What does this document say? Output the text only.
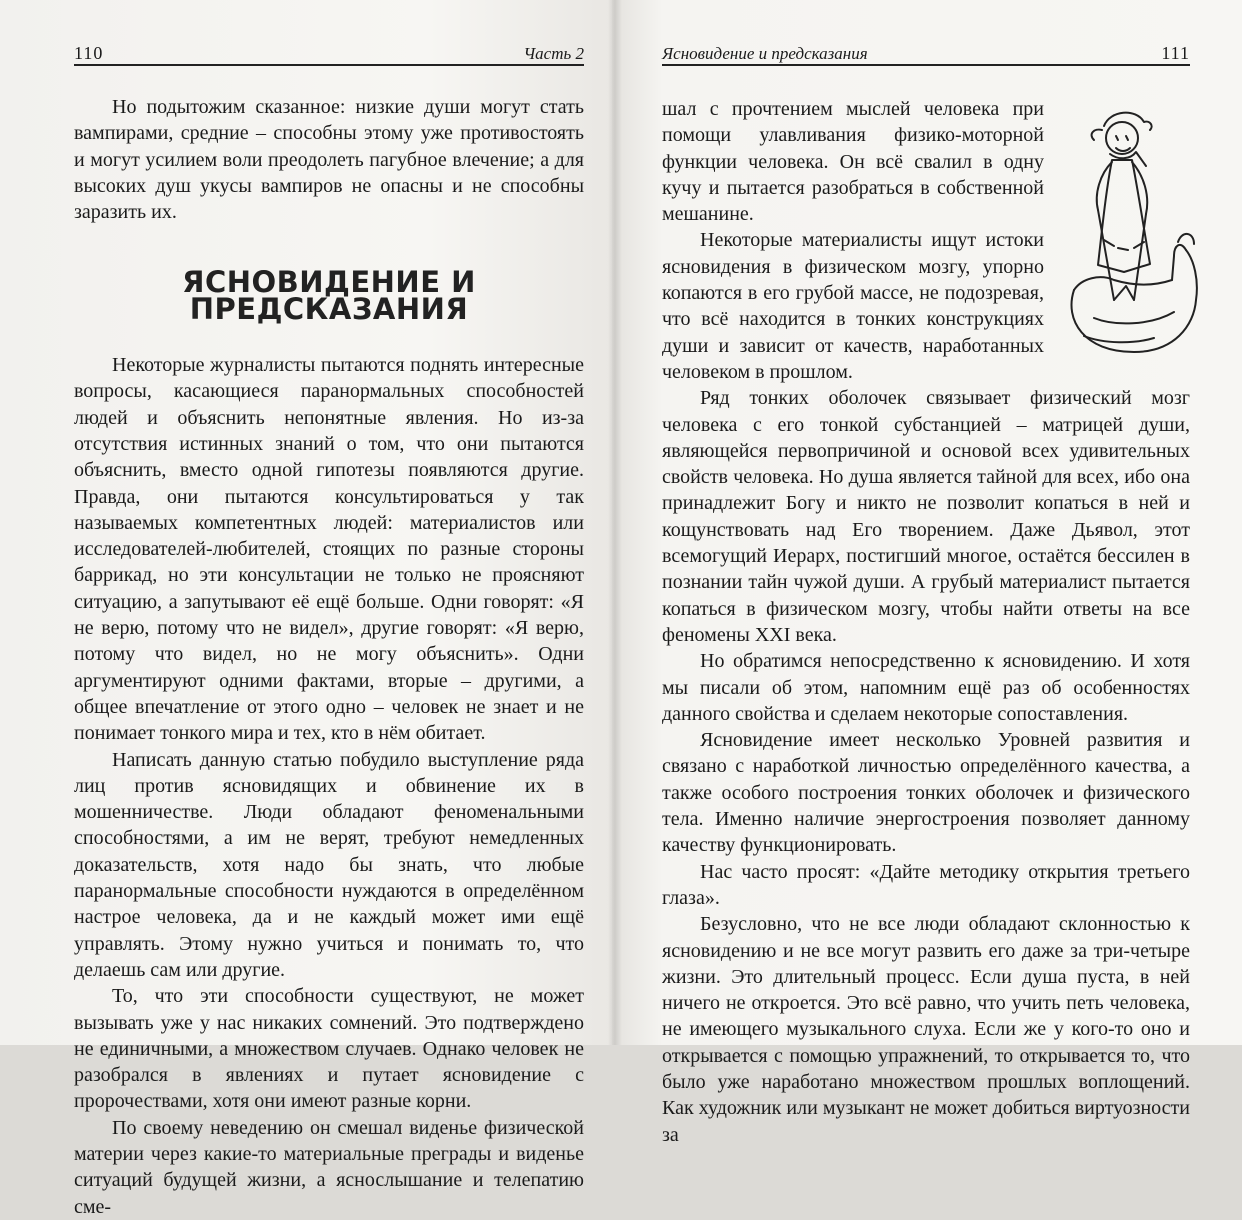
110	Часть 2

Но подытожим сказанное: низкие души могут стать вампирами, средние – способны этому уже противостоять и могут усилием воли преодолеть пагубное влечение; а для высоких душ укусы вампиров не опасны и не способны заразить их.

ЯСНОВИДЕНИЕ И ПРЕДСКАЗАНИЯ

Некоторые журналисты пытаются поднять интересные вопросы, касающиеся паранормальных способностей людей и объяснить непонятные явления. Но из-за отсутствия истинных знаний о том, что они пытаются объяснить, вместо одной гипотезы появляются другие. Правда, они пытаются консультироваться у так называемых компетентных людей: материалистов или исследователей-любителей, стоящих по разные стороны баррикад, но эти консультации не только не проясняют ситуацию, а запутывают её ещё больше. Одни говорят: «Я не верю, потому что не видел», другие говорят: «Я верю, потому что видел, но не могу объяснить». Одни аргументируют одними фактами, вторые – другими, а общее впечатление от этого одно – человек не знает и не понимает тонкого мира и тех, кто в нём обитает.

Написать данную статью побудило выступление ряда лиц против ясновидящих и обвинение их в мошенничестве. Люди обладают феноменальными способностями, а им не верят, требуют немедленных доказательств, хотя надо бы знать, что любые паранормальные способности нуждаются в определённом настрое человека, да и не каждый может ими ещё управлять. Этому нужно учиться и понимать то, что делаешь сам или другие.

То, что эти способности существуют, не может вызывать уже у нас никаких сомнений. Это подтверждено не единичными, а множеством случаев. Однако человек не разобрался в явлениях и путает ясновидение с пророчествами, хотя они имеют разные корни.

По своему неведению он смешал виденье физической материи через какие-то материальные преграды и виденье ситуаций будущей жизни, а яснослышание и телепатию сме-

Ясновидение и предсказания	111

шал с прочтением мыслей человека при помощи улавливания физико-моторной функции человека. Он всё свалил в одну кучу и пытается разобраться в собственной мешанине.

Некоторые материалисты ищут истоки ясновидения в физическом мозгу, упорно копаются в его грубой массе, не подозревая, что всё находится в тонких конструкциях души и зависит от качеств, наработанных человеком в прошлом.

Ряд тонких оболочек связывает физический мозг человека с его тонкой субстанцией – матрицей души, являющейся первопричиной и основой всех удивительных свойств человека. Но душа является тайной для всех, ибо она принадлежит Богу и никто не позволит копаться в ней и кощунствовать над Его творением. Даже Дьявол, этот всемогущий Иерарх, постигший многое, остаётся бессилен в познании тайн чужой души. А грубый материалист пытается копаться в физическом мозгу, чтобы найти ответы на все феномены XXI века.

Но обратимся непосредственно к ясновидению. И хотя мы писали об этом, напомним ещё раз об особенностях данного свойства и сделаем некоторые сопоставления.

Ясновидение имеет несколько Уровней развития и связано с наработкой личностью определённого качества, а также особого построения тонких оболочек и физического тела. Именно наличие энергостроения позволяет данному качеству функционировать.

Нас часто просят: «Дайте методику открытия третьего глаза».

Безусловно, что не все люди обладают склонностью к ясновидению и не все могут развить его даже за три-четыре жизни. Это длительный процесс. Если душа пуста, в ней ничего не откроется. Это всё равно, что учить петь человека, не имеющего музыкального слуха. Если же у кого-то оно и открывается с помощью упражнений, то открывается то, что было уже наработано множеством прошлых воплощений. Как художник или музыкант не может добиться виртуозности за
